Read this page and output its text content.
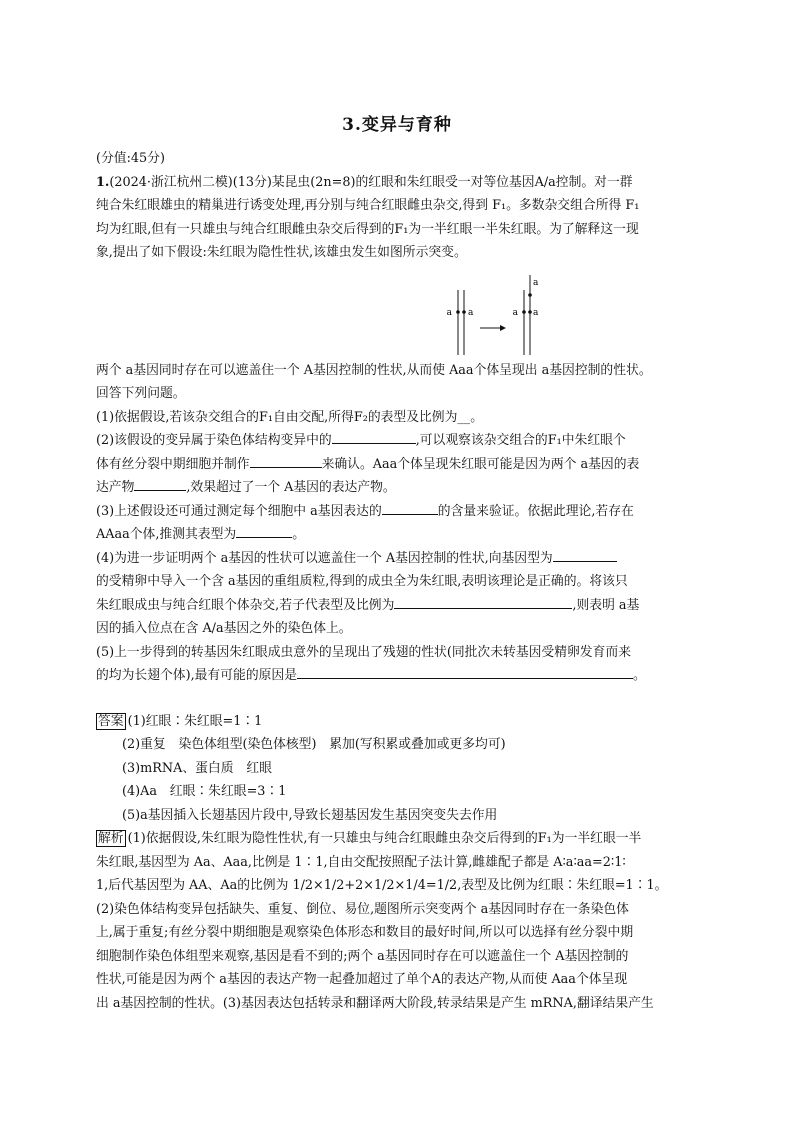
3.变异与育种
(分值:45分)
1.(2024·浙江杭州二模)(13分)某昆虫(2n=8)的红眼和朱红眼受一对等位基因A/a控制。对一群
纯合朱红眼雄虫的精巢进行诱变处理,再分别与纯合红眼雌虫杂交,得到 F₁。多数杂交组合所得 F₁
均为红眼,但有一只雄虫与纯合红眼雌虫杂交后得到的F₁为一半红眼一半朱红眼。为了解释这一现
象,提出了如下假设:朱红眼为隐性性状,该雄虫发生如图所示突变。
a a	a
a
a
两个 a基因同时存在可以遮盖住一个 A基因控制的性状,从而使 Aaa个体呈现出 a基因控制的性状。
回答下列问题。
(1)依据假设,若该杂交组合的F₁自由交配,所得F₂的表型及比例为__。
(2)该假设的变异属于染色体结构变异中的	,可以观察该杂交组合的F₁中朱红眼个
体有丝分裂中期细胞并制作	来确认。Aaa个体呈现朱红眼可能是因为两个 a基因的表
达产物	,效果超过了一个 A基因的表达产物。
(3)上述假设还可通过测定每个细胞中 a基因表达的	的含量来验证。依据此理论,若存在
AAaa个体,推测其表型为	。
(4)为进一步证明两个 a基因的性状可以遮盖住一个 A基因控制的性状,向基因型为
的受精卵中导入一个含 a基因的重组质粒,得到的成虫全为朱红眼,表明该理论是正确的。将该只
朱红眼成虫与纯合红眼个体杂交,若子代表型及比例为	,则表明 a基
因的插入位点在含 A/a基因之外的染色体上。
(5)上一步得到的转基因朱红眼成虫意外的呈现出了残翅的性状(同批次未转基因受精卵发育而来
的均为长翅个体),最有可能的原因是	。
答案 (1)红眼∶朱红眼=1∶1
(2)重复　染色体组型(染色体核型)　累加(写积累或叠加或更多均可)
(3)mRNA、蛋白质　红眼
(4)Aa　红眼∶朱红眼=3∶1
(5)a基因插入长翅基因片段中,导致长翅基因发生基因突变失去作用
解析 (1)依据假设,朱红眼为隐性性状,有一只雄虫与纯合红眼雌虫杂交后得到的F₁为一半红眼一半
朱红眼,基因型为 Aa、Aaa,比例是 1∶1,自由交配按照配子法计算,雌雄配子都是 A∶a∶aa=2∶1∶
1,后代基因型为 AA、Aa的比例为 1/2×1/2+2×1/2×1/4=1/2,表型及比例为红眼∶朱红眼=1∶1。
(2)染色体结构变异包括缺失、重复、倒位、易位,题图所示突变两个 a基因同时存在一条染色体
上,属于重复;有丝分裂中期细胞是观察染色体形态和数目的最好时间,所以可以选择有丝分裂中期
细胞制作染色体组型来观察,基因是看不到的;两个 a基因同时存在可以遮盖住一个 A基因控制的
性状,可能是因为两个 a基因的表达产物一起叠加超过了单个A的表达产物,从而使 Aaa个体呈现
出 a基因控制的性状。(3)基因表达包括转录和翻译两大阶段,转录结果是产生 mRNA,翻译结果产生
